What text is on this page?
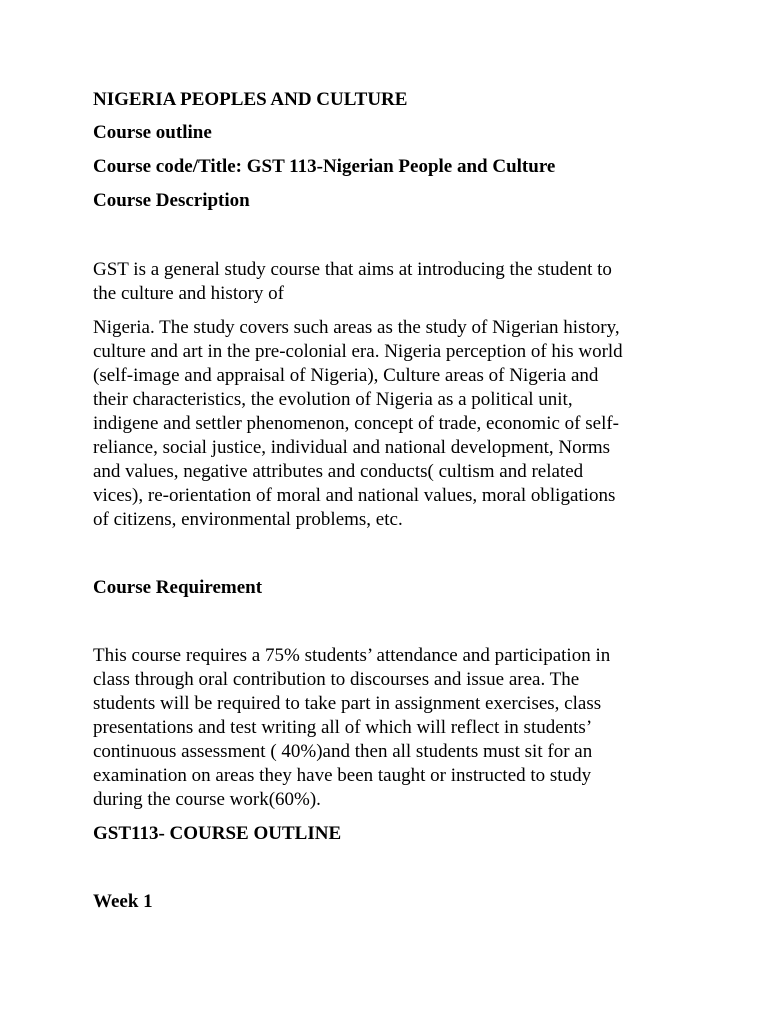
NIGERIA PEOPLES AND CULTURE

Course outline

Course code/Title: GST 113-Nigerian People and Culture

Course Description

GST is a general study course that aims at introducing the student to
the culture and history of

Nigeria. The study covers such areas as the study of Nigerian history,
culture and art in the pre-colonial era. Nigeria perception of his world
(self-image and appraisal of Nigeria), Culture areas of Nigeria and
their characteristics, the evolution of Nigeria as a political unit,
indigene and settler phenomenon, concept of trade, economic of self-
reliance, social justice, individual and national development, Norms
and values, negative attributes and conducts( cultism and related
vices), re-orientation of moral and national values, moral obligations
of citizens, environmental problems, etc.

Course Requirement

This course requires a 75% students’ attendance and participation in
class through oral contribution to discourses and issue area. The
students will be required to take part in assignment exercises, class
presentations and test writing all of which will reflect in students’
continuous assessment ( 40%)and then all students must sit for an
examination on areas they have been taught or instructed to study
during the course work(60%).

GST113- COURSE OUTLINE

Week 1
